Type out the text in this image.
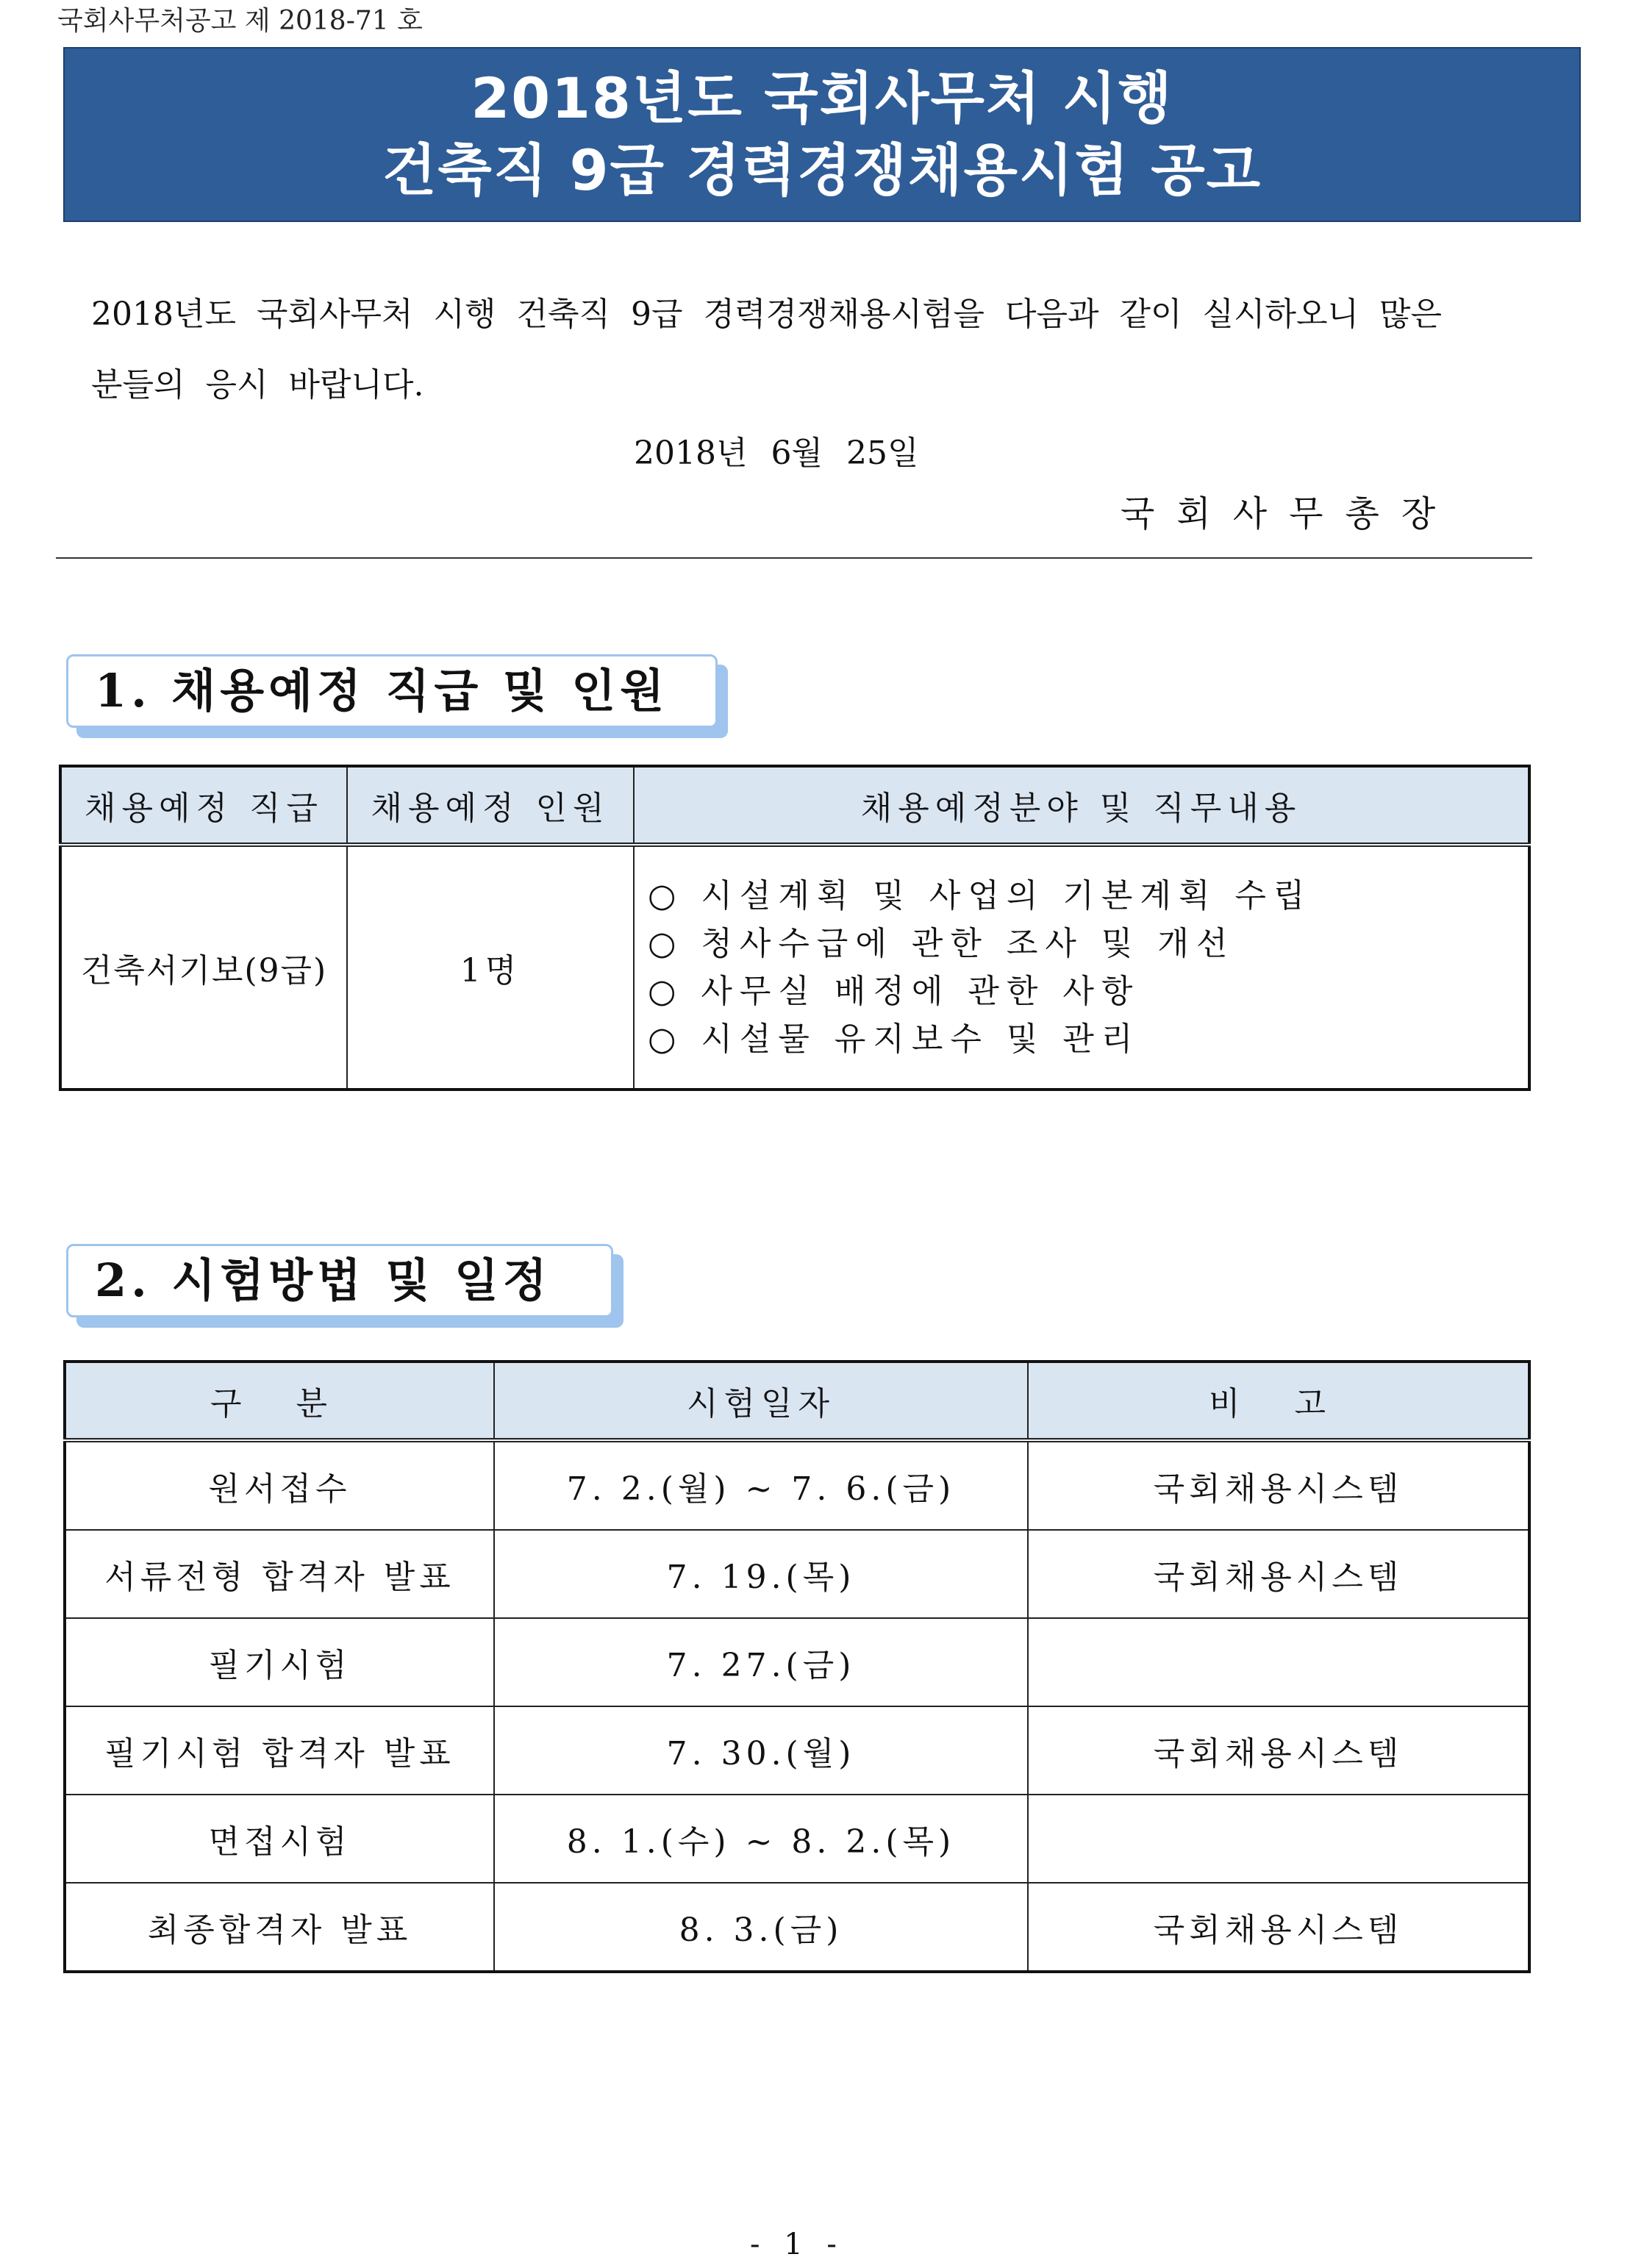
국회사무처공고 제 2018-71 호
2018년도 국회사무처 시행
건축직 9급 경력경쟁채용시험 공고

2018년도 국회사무처 시행 건축직 9급 경력경쟁채용시험을 다음과 같이 실시하오니 많은

분들의 응시 바랍니다.

2018년 6월 25일
국회사무총장
1. 채용예정 직급 및 인원
채용예정 직급	채용예정 인원	채용예정분야 및 직무내용
건축서기보(9급)	1명	○ 시설계획 및 사업의 기본계획 수립
○ 청사수급에 관한 조사 및 개선
○ 사무실 배정에 관한 사항
○ 시설물 유지보수 및 관리
2. 시험방법 및 일정
구 분	시험일자	비 고
원서접수	7. 2.(월) ~ 7. 6.(금)	국회채용시스템
서류전형 합격자 발표	7. 19.(목)	국회채용시스템
필기시험	7. 27.(금)	
필기시험 합격자 발표	7. 30.(월)	국회채용시스템
면접시험	8. 1.(수) ~ 8. 2.(목)	
최종합격자 발표	8. 3.(금)	국회채용시스템
- 1 -
